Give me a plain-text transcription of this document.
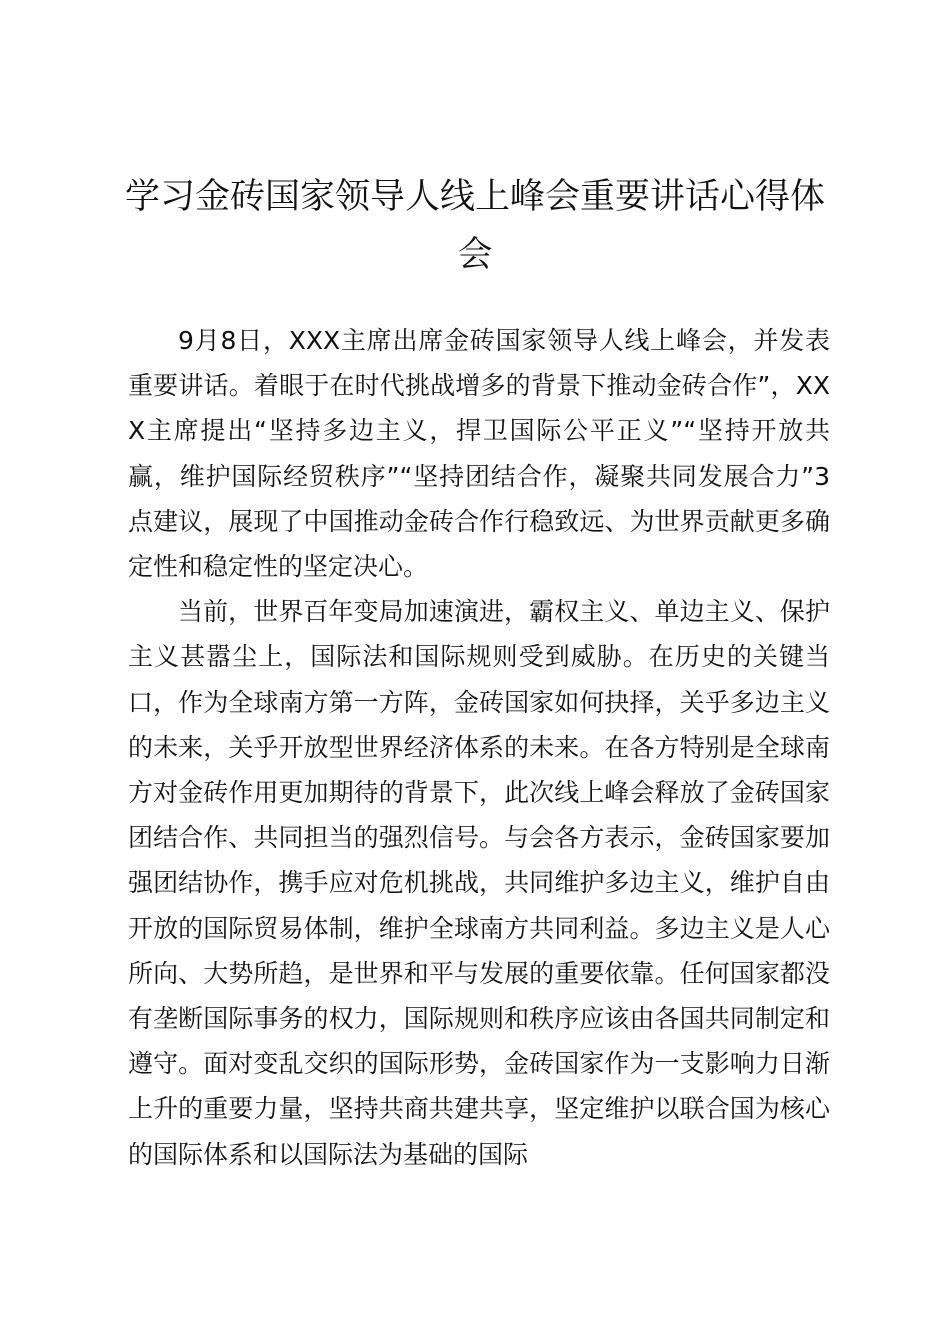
学习金砖国家领导人线上峰会重要讲话心得体会

9月8日，XXX主席出席金砖国家领导人线上峰会，并发表重要讲话。着眼于在时代挑战增多的背景下推动金砖合作”，XXX主席提出“坚持多边主义，捍卫国际公平正义”“坚持开放共赢，维护国际经贸秩序”“坚持团结合作，凝聚共同发展合力”3点建议，展现了中国推动金砖合作行稳致远、为世界贡献更多确定性和稳定性的坚定决心。

当前，世界百年变局加速演进，霸权主义、单边主义、保护主义甚嚣尘上，国际法和国际规则受到威胁。在历史的关键当口，作为全球南方第一方阵，金砖国家如何抉择，关乎多边主义的未来，关乎开放型世界经济体系的未来。在各方特别是全球南方对金砖作用更加期待的背景下，此次线上峰会释放了金砖国家团结合作、共同担当的强烈信号。与会各方表示，金砖国家要加强团结协作，携手应对危机挑战，共同维护多边主义，维护自由开放的国际贸易体制，维护全球南方共同利益。多边主义是人心所向、大势所趋，是世界和平与发展的重要依靠。任何国家都没有垄断国际事务的权力，国际规则和秩序应该由各国共同制定和遵守。面对变乱交织的国际形势，金砖国家作为一支影响力日渐上升的重要力量，坚持共商共建共享，坚定维护以联合国为核心的国际体系和以国际法为基础的国际
